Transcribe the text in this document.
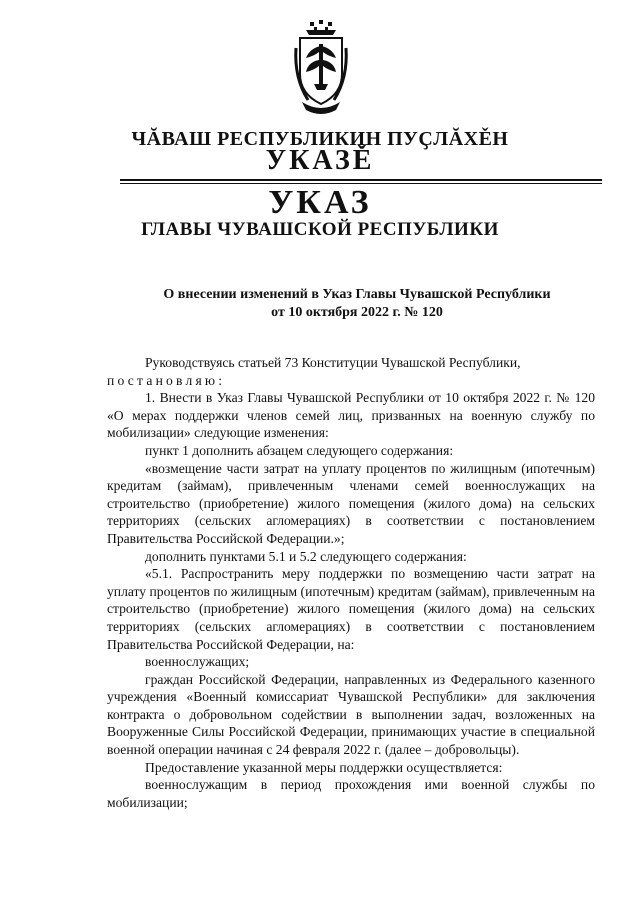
ЧĂВАШ РЕСПУБЛИКИН ПУҪЛĂХĚН
УКАЗĚ
УКАЗ
ГЛАВЫ ЧУВАШСКОЙ РЕСПУБЛИКИ
О внесении изменений в Указ Главы Чувашской Республики
от 10 октября 2022 г. № 120

Руководствуясь статьей 73 Конституции Чувашской Республики,

постановляю:

1. Внести в Указ Главы Чувашской Республики от 10 октября 2022 г. № 120 «О мерах поддержки членов семей лиц, призванных на военную службу по мобилизации» следующие изменения:

пункт 1 дополнить абзацем следующего содержания:

«возмещение части затрат на уплату процентов по жилищным (ипотечным) кредитам (займам), привлеченным членами семей военнослужащих на строительство (приобретение) жилого помещения (жилого дома) на сельских территориях (сельских агломерациях) в соответствии с постановлением Правительства Российской Федерации.»;

дополнить пунктами 5.1 и 5.2 следующего содержания:

«5.1. Распространить меру поддержки по возмещению части затрат на уплату процентов по жилищным (ипотечным) кредитам (займам), привлеченным на строительство (приобретение) жилого помещения (жилого дома) на сельских территориях (сельских агломерациях) в соответствии с постановлением Правительства Российской Федерации, на:

военнослужащих;

граждан Российской Федерации, направленных из Федерального казенного учреждения «Военный комиссариат Чувашской Республики» для заключения контракта о добровольном содействии в выполнении задач, возложенных на Вооруженные Силы Российской Федерации, принимающих участие в специальной военной операции начиная с 24 февраля 2022 г. (далее – добровольцы).

Предоставление указанной меры поддержки осуществляется:

военнослужащим в период прохождения ими военной службы по мобилизации;
